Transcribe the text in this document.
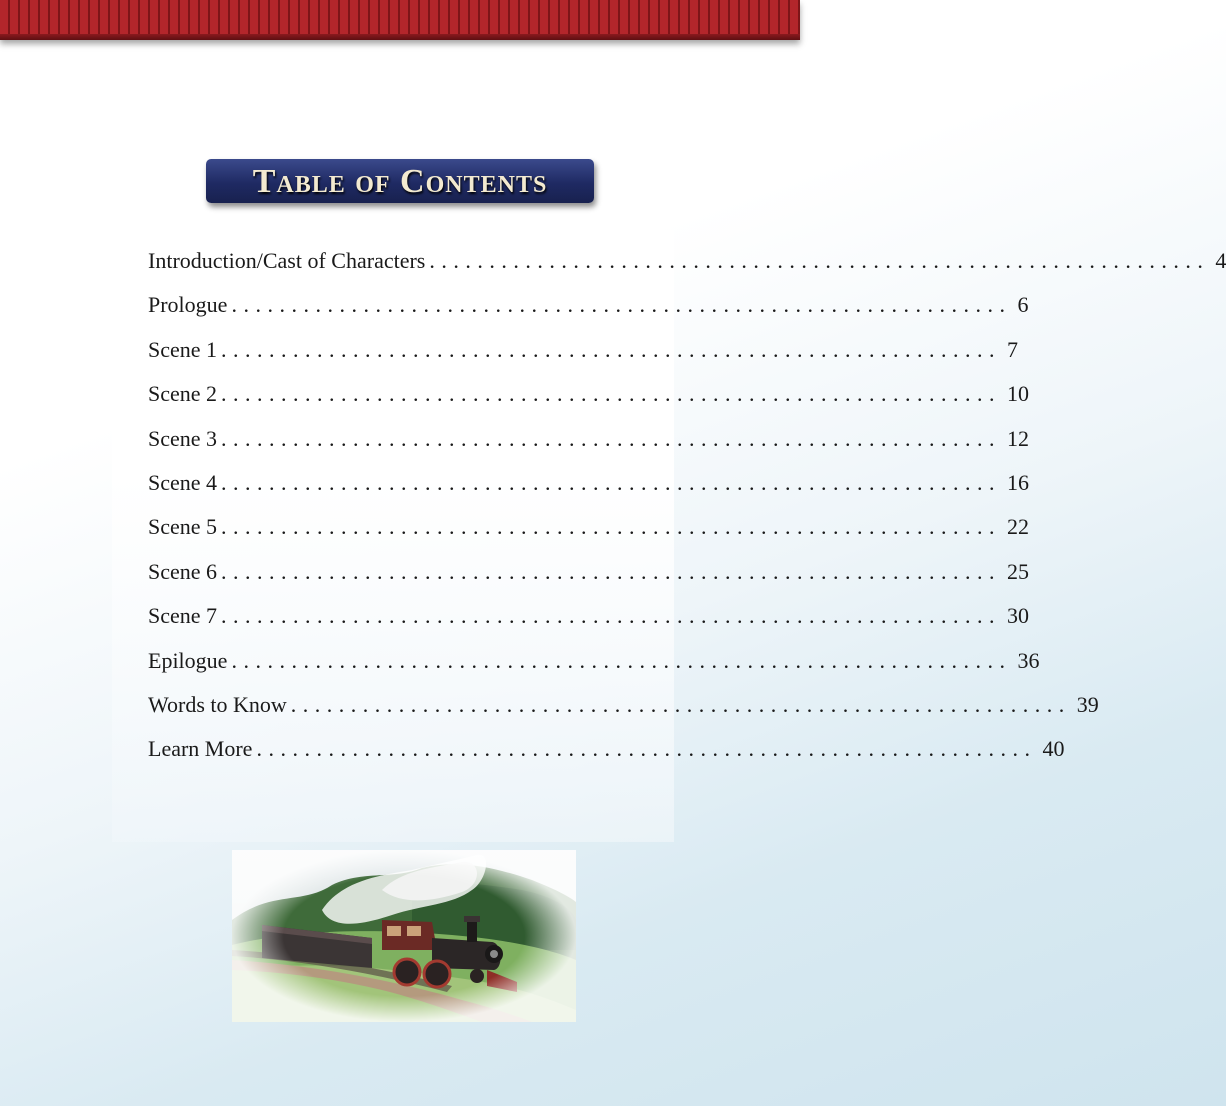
Table of Contents
Introduction/Cast of Characters ................................................................. 4
Prologue ................................................................. 6
Scene 1 ................................................................. 7
Scene 2 ................................................................. 10
Scene 3 ................................................................. 12
Scene 4 ................................................................. 16
Scene 5 ................................................................. 22
Scene 6 ................................................................. 25
Scene 7 ................................................................. 30
Epilogue ................................................................. 36
Words to Know ................................................................. 39
Learn More ................................................................. 40
